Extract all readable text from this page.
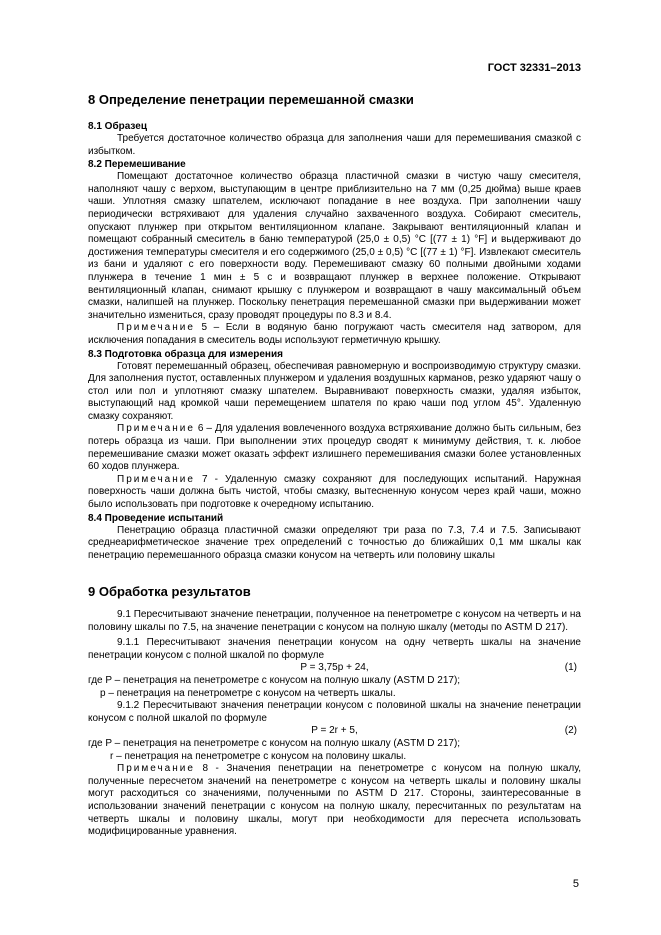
ГОСТ 32331–2013
8 Определение пенетрации перемешанной смазки
8.1 Образец

Требуется достаточное количество образца для заполнения чаши для перемешивания смазкой с избытком.

8.2 Перемешивание

Помещают достаточное количество образца пластичной смазки в чистую чашу смесителя, наполняют чашу с верхом, выступающим в центре приблизительно на 7 мм (0,25 дюйма) выше краев чаши. Уплотняя смазку шпателем, исключают попадание в нее воздуха. При заполнении чашу периодически встряхивают для удаления случайно захваченного воздуха. Собирают смеситель, опускают плунжер при открытом вентиляционном клапане. Закрывают вентиляционный клапан и помещают собранный смеситель в баню температурой (25,0 ± 0,5) °C [(77 ± 1) °F] и выдерживают до достижения температуры смесителя и его содержимого (25,0 ± 0,5) °C [(77 ± 1) °F]. Извлекают смеситель из бани и удаляют с его поверхности воду. Перемешивают смазку 60 полными двойными ходами плунжера в течение 1 мин ± 5 с и возвращают плунжер в верхнее положение. Открывают вентиляционный клапан, снимают крышку с плунжером и возвращают в чашу максимальный объем смазки, налипшей на плунжер. Поскольку пенетрация перемешанной смазки при выдерживании может значительно измениться, сразу проводят процедуры по 8.3 и 8.4.

Примечание 5 – Если в водяную баню погружают часть смесителя над затвором, для исключения попадания в смеситель воды используют герметичную крышку.

8.3 Подготовка образца для измерения

Готовят перемешанный образец, обеспечивая равномерную и воспроизводимую структуру смазки. Для заполнения пустот, оставленных плунжером и удаления воздушных карманов, резко ударяют чашу о стол или пол и уплотняют смазку шпателем. Выравнивают поверхность смазки, удаляя избыток, выступающий над кромкой чаши перемещением шпателя по краю чаши под углом 45°. Удаленную смазку сохраняют.

Примечание 6 – Для удаления вовлеченного воздуха встряхивание должно быть сильным, без потерь образца из чаши. При выполнении этих процедур сводят к минимуму действия, т. к. любое перемешивание смазки может оказать эффект излишнего перемешивания смазки более установленных 60 ходов плунжера.

Примечание 7 - Удаленную смазку сохраняют для последующих испытаний. Наружная поверхность чаши должна быть чистой, чтобы смазку, вытесненную конусом через край чаши, можно было использовать при подготовке к очередному испытанию.

8.4 Проведение испытаний

Пенетрацию образца пластичной смазки определяют три раза по 7.3, 7.4 и 7.5. Записывают среднеарифметическое значение трех определений с точностью до ближайших 0,1 мм шкалы как пенетрацию перемешанного образца смазки конусом на четверть или половину шкалы

9 Обработка результатов

9.1 Пересчитывают значение пенетрации, полученное на пенетрометре с конусом на четверть и на половину шкалы по 7.5, на значение пенетрации с конусом на полную шкалу (методы по ASTM D 217).

9.1.1 Пересчитывают значения пенетрации конусом на одну четверть шкалы на значение пенетрации конусом с полной шкалой по формуле

P = 3,75p + 24,	(1)

где P – пенетрация на пенетрометре с конусом на полную шкалу (ASTM D 217);

p – пенетрация на пенетрометре с конусом на четверть шкалы.

9.1.2 Пересчитывают значения пенетрации конусом с половиной шкалы на значение пенетрации конусом с полной шкалой по формуле

P = 2r + 5,	(2)

где P – пенетрация на пенетрометре с конусом на полную шкалу (ASTM D 217);

r – пенетрация на пенетрометре с конусом на половину шкалы.

Примечание 8 - Значения пенетрации на пенетрометре с конусом на полную шкалу, полученные пересчетом значений на пенетрометре с конусом на четверть шкалы и половину шкалы могут расходиться со значениями, полученными по ASTM D 217. Стороны, заинтересованные в использовании значений пенетрации с конусом на полную шкалу, пересчитанных по результатам на четверть шкалы и половину шкалы, могут при необходимости для пересчета использовать модифицированные уравнения.

5
